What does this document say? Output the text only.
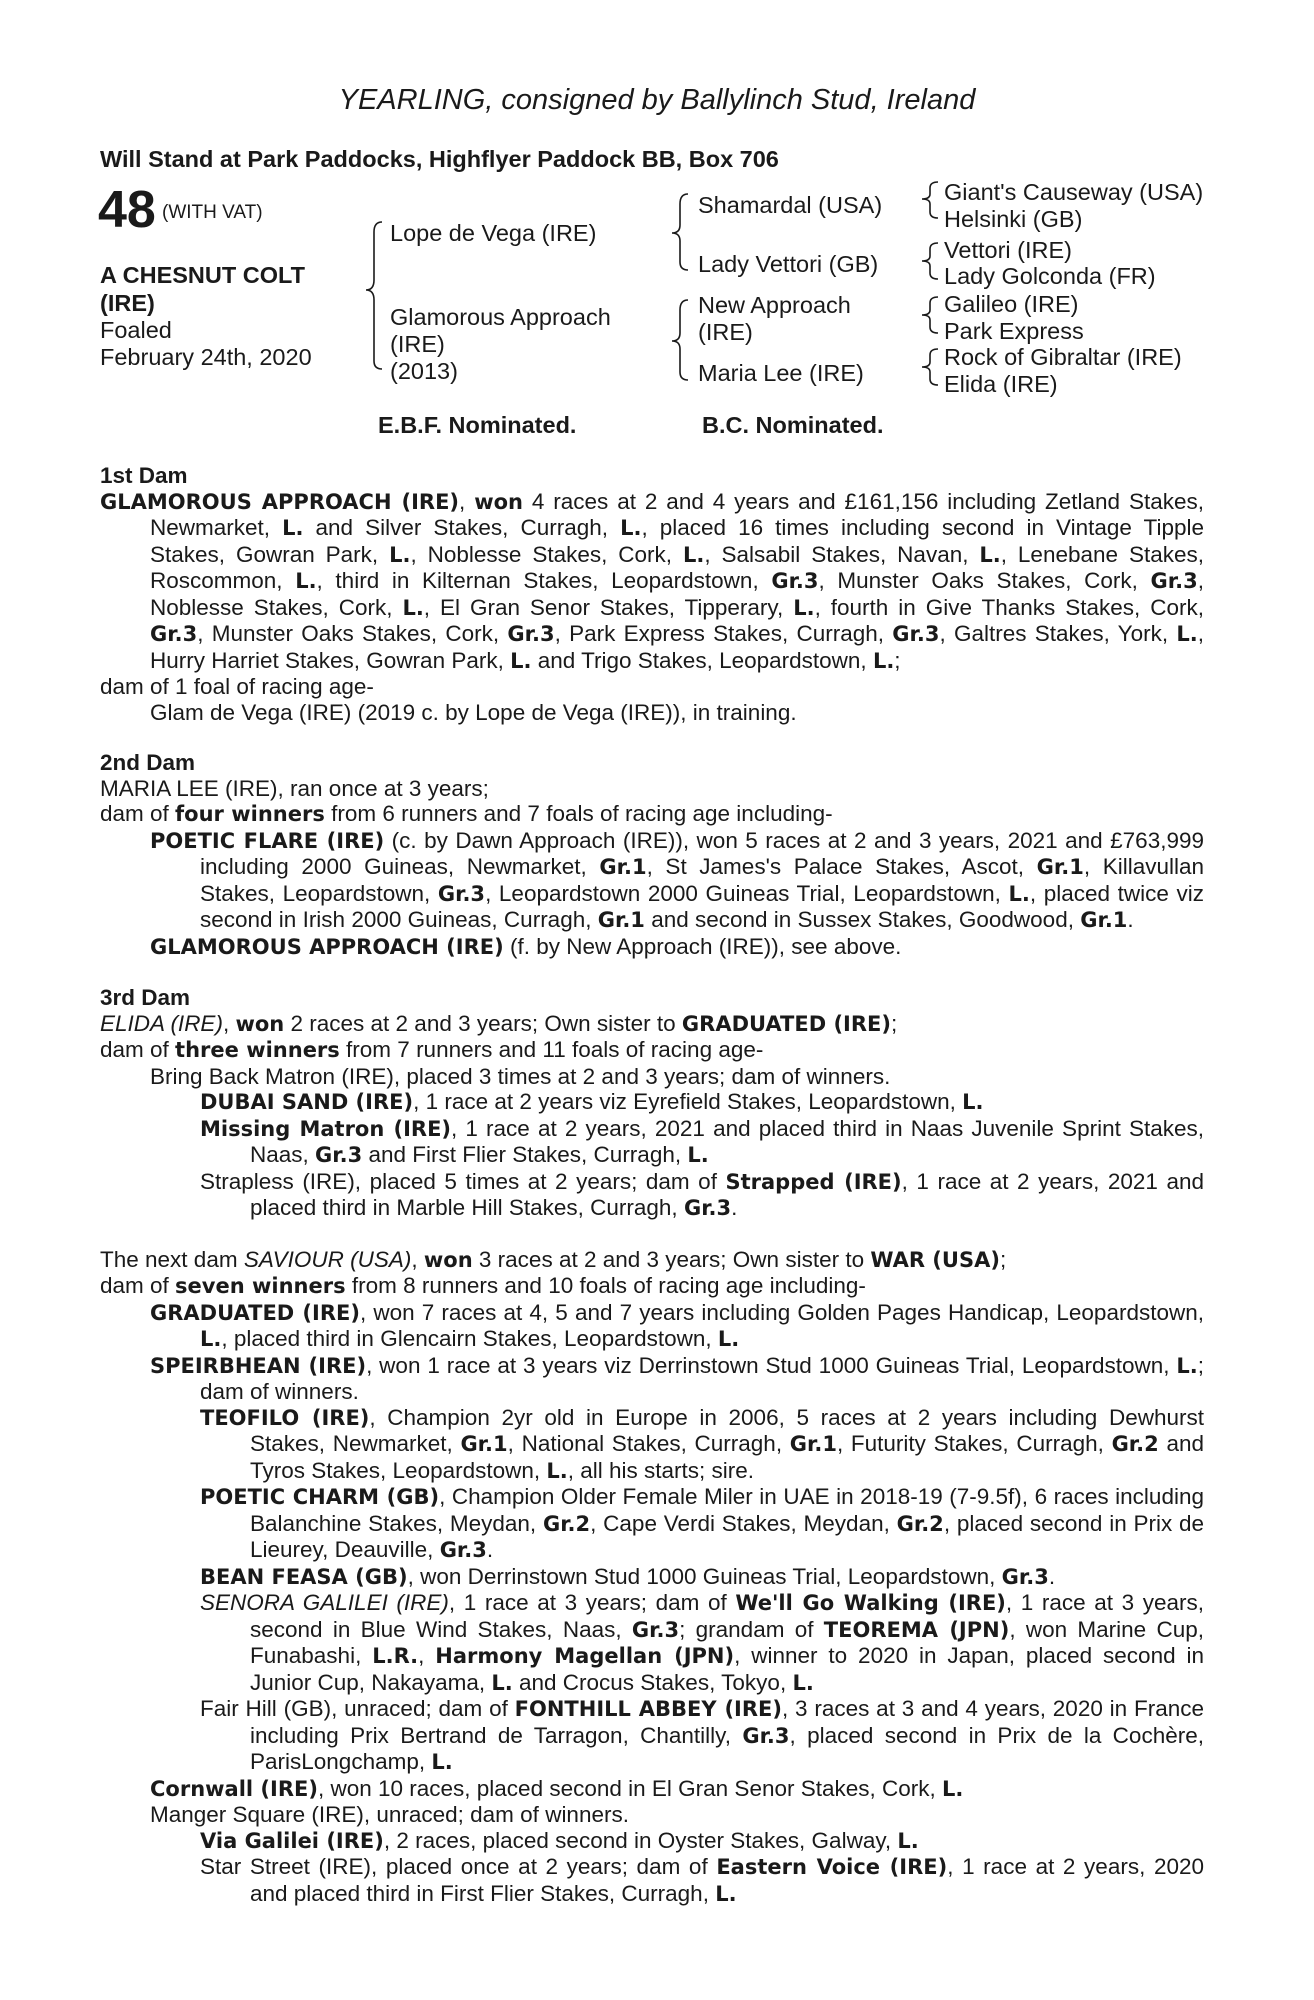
YEARLING, consigned by Ballylinch Stud, Ireland
Will Stand at Park Paddocks, Highflyer Paddock BB, Box 706
48 (WITH VAT)
A CHESNUT COLT
(IRE)
Foaled
February 24th, 2020
Lope de Vega (IRE)
Glamorous Approach
(IRE)
(2013)
Shamardal (USA)
Lady Vettori (GB)
New Approach
(IRE)
Maria Lee (IRE)
Giant's Causeway (USA)
Helsinki (GB)
Vettori (IRE)
Lady Golconda (FR)
Galileo (IRE)
Park Express
Rock of Gibraltar (IRE)
Elida (IRE)
E.B.F. Nominated.	B.C. Nominated.
1st Dam
GLAMOROUS APPROACH (IRE), won 4 races at 2 and 4 years and £161,156 including Zetland Stakes, Newmarket, L. and Silver Stakes, Curragh, L., placed 16 times including second in Vintage Tipple Stakes, Gowran Park, L., Noblesse Stakes, Cork, L., Salsabil Stakes, Navan, L., Lenebane Stakes, Roscommon, L., third in Kilternan Stakes, Leopardstown, Gr.3, Munster Oaks Stakes, Cork, Gr.3, Noblesse Stakes, Cork, L., El Gran Senor Stakes, Tipperary, L., fourth in Give Thanks Stakes, Cork, Gr.3, Munster Oaks Stakes, Cork, Gr.3, Park Express Stakes, Curragh, Gr.3, Galtres Stakes, York, L., Hurry Harriet Stakes, Gowran Park, L. and Trigo Stakes, Leopardstown, L.;
dam of 1 foal of racing age-
Glam de Vega (IRE) (2019 c. by Lope de Vega (IRE)), in training.
2nd Dam
MARIA LEE (IRE), ran once at 3 years;
dam of four winners from 6 runners and 7 foals of racing age including-
POETIC FLARE (IRE) (c. by Dawn Approach (IRE)), won 5 races at 2 and 3 years, 2021 and £763,999 including 2000 Guineas, Newmarket, Gr.1, St James's Palace Stakes, Ascot, Gr.1, Killavullan Stakes, Leopardstown, Gr.3, Leopardstown 2000 Guineas Trial, Leopardstown, L., placed twice viz second in Irish 2000 Guineas, Curragh, Gr.1 and second in Sussex Stakes, Goodwood, Gr.1.
GLAMOROUS APPROACH (IRE) (f. by New Approach (IRE)), see above.
3rd Dam
ELIDA (IRE), won 2 races at 2 and 3 years; Own sister to GRADUATED (IRE);
dam of three winners from 7 runners and 11 foals of racing age-
Bring Back Matron (IRE), placed 3 times at 2 and 3 years; dam of winners.
DUBAI SAND (IRE), 1 race at 2 years viz Eyrefield Stakes, Leopardstown, L.
Missing Matron (IRE), 1 race at 2 years, 2021 and placed third in Naas Juvenile Sprint Stakes, Naas, Gr.3 and First Flier Stakes, Curragh, L.
Strapless (IRE), placed 5 times at 2 years; dam of Strapped (IRE), 1 race at 2 years, 2021 and placed third in Marble Hill Stakes, Curragh, Gr.3.
The next dam SAVIOUR (USA), won 3 races at 2 and 3 years; Own sister to WAR (USA);
dam of seven winners from 8 runners and 10 foals of racing age including-
GRADUATED (IRE), won 7 races at 4, 5 and 7 years including Golden Pages Handicap, Leopardstown, L., placed third in Glencairn Stakes, Leopardstown, L.
SPEIRBHEAN (IRE), won 1 race at 3 years viz Derrinstown Stud 1000 Guineas Trial, Leopardstown, L.; dam of winners.
TEOFILO (IRE), Champion 2yr old in Europe in 2006, 5 races at 2 years including Dewhurst Stakes, Newmarket, Gr.1, National Stakes, Curragh, Gr.1, Futurity Stakes, Curragh, Gr.2 and Tyros Stakes, Leopardstown, L., all his starts; sire.
POETIC CHARM (GB), Champion Older Female Miler in UAE in 2018-19 (7-9.5f), 6 races including Balanchine Stakes, Meydan, Gr.2, Cape Verdi Stakes, Meydan, Gr.2, placed second in Prix de Lieurey, Deauville, Gr.3.
BEAN FEASA (GB), won Derrinstown Stud 1000 Guineas Trial, Leopardstown, Gr.3.
SENORA GALILEI (IRE), 1 race at 3 years; dam of We'll Go Walking (IRE), 1 race at 3 years, second in Blue Wind Stakes, Naas, Gr.3; grandam of TEOREMA (JPN), won Marine Cup, Funabashi, L.R., Harmony Magellan (JPN), winner to 2020 in Japan, placed second in Junior Cup, Nakayama, L. and Crocus Stakes, Tokyo, L.
Fair Hill (GB), unraced; dam of FONTHILL ABBEY (IRE), 3 races at 3 and 4 years, 2020 in France including Prix Bertrand de Tarragon, Chantilly, Gr.3, placed second in Prix de la Cochère, ParisLongchamp, L.
Cornwall (IRE), won 10 races, placed second in El Gran Senor Stakes, Cork, L.
Manger Square (IRE), unraced; dam of winners.
Via Galilei (IRE), 2 races, placed second in Oyster Stakes, Galway, L.
Star Street (IRE), placed once at 2 years; dam of Eastern Voice (IRE), 1 race at 2 years, 2020 and placed third in First Flier Stakes, Curragh, L.
